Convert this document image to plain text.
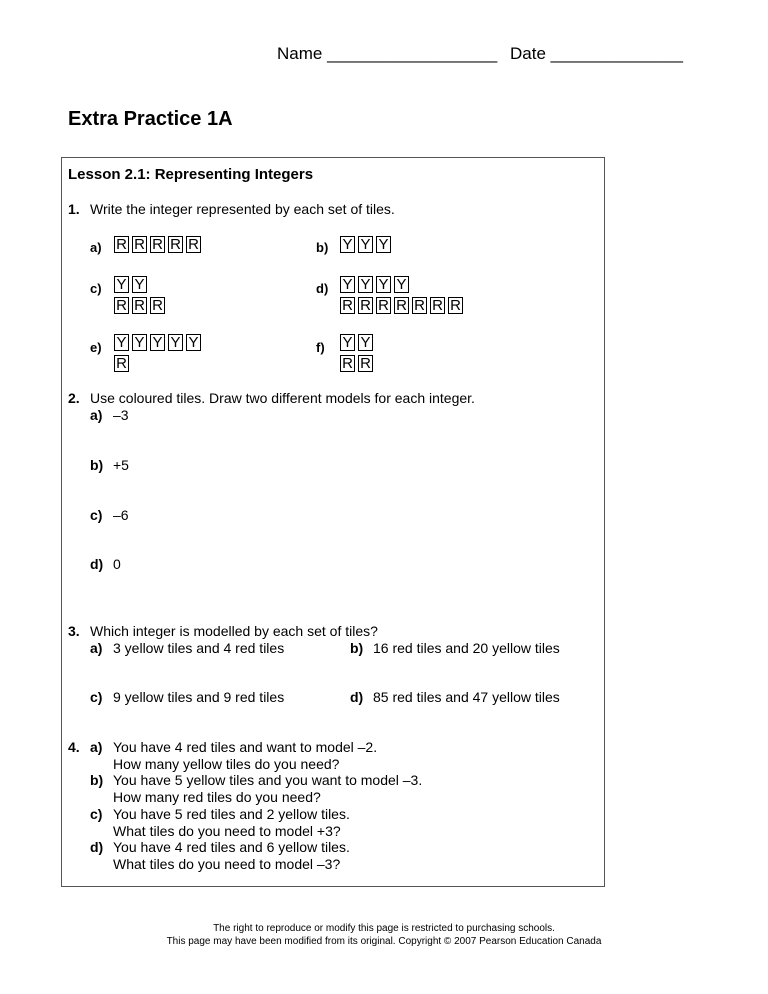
Name __________________ Date ______________
Extra Practice 1A
Lesson 2.1: Representing Integers
1. Write the integer represented by each set of tiles.
a) R R R R R	b) Y Y Y
c) Y Y
R R R
d) Y Y Y Y
R R R R R R R
e) Y Y Y Y Y
R
f) Y Y
R R
2. Use coloured tiles. Draw two different models for each integer.
a) –3
b) +5
c) –6
d) 0
3. Which integer is modelled by each set of tiles?
a) 3 yellow tiles and 4 red tiles	b) 16 red tiles and 20 yellow tiles
c) 9 yellow tiles and 9 red tiles	d) 85 red tiles and 47 yellow tiles
4. a) You have 4 red tiles and want to model –2.
How many yellow tiles do you need?
b) You have 5 yellow tiles and you want to model –3.
How many red tiles do you need?
c) You have 5 red tiles and 2 yellow tiles.
What tiles do you need to model +3?
d) You have 4 red tiles and 6 yellow tiles.
What tiles do you need to model –3?
The right to reproduce or modify this page is restricted to purchasing schools.
This page may have been modified from its original. Copyright © 2007 Pearson Education Canada
